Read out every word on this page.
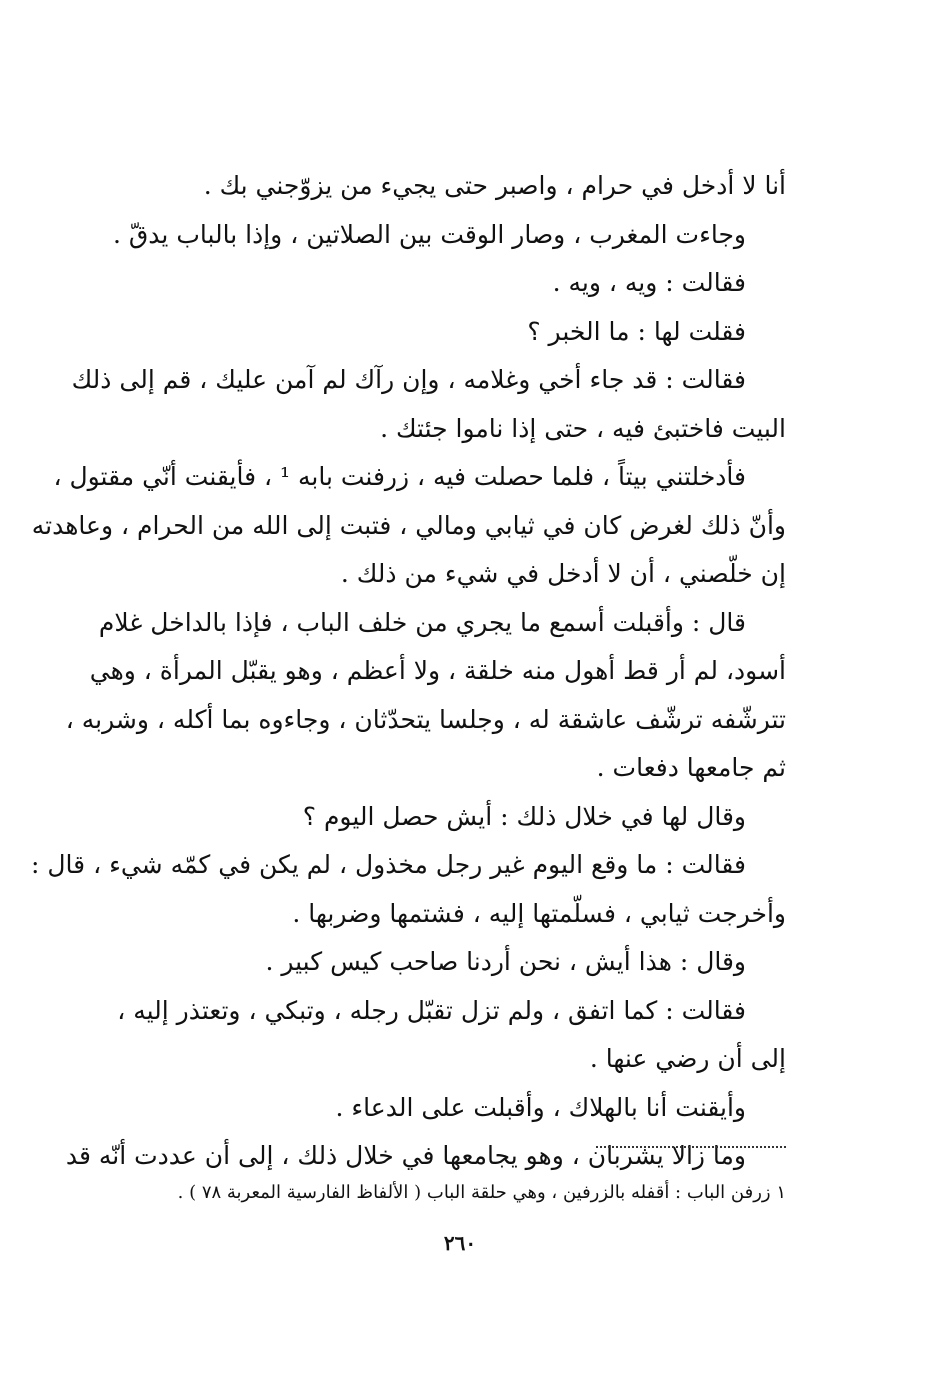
أنا لا أدخل في حرام ، واصبر حتى يجيء من يزوّجني بك .
وجاءت المغرب ، وصار الوقت بين الصلاتين ، وإذا بالباب يدقّ .
فقالت : ويه ، ويه .
فقلت لها : ما الخبر ؟
فقالت : قد جاء أخي وغلامه ، وإن رآك لم آمن عليك ، قم إلى ذلك
البيت فاختبئ فيه ، حتى إذا ناموا جئتك .
فأدخلتني بيتاً ، فلما حصلت فيه ، زرفنت بابه ¹ ، فأيقنت أنّي مقتول ،
وأنّ ذلك لغرض كان في ثيابي ومالي ، فتبت إلى الله من الحرام ، وعاهدته
إن خلّصني ، أن لا أدخل في شيء من ذلك .
قال : وأقبلت أسمع ما يجري من خلف الباب ، فإذا بالداخل غلام
أسود، لم أر قط أهول منه خلقة ، ولا أعظم ، وهو يقبّل المرأة ، وهي
تترشّفه ترشّف عاشقة له ، وجلسا يتحدّثان ، وجاءوه بما أكله ، وشربه ،
ثم جامعها دفعات .
وقال لها في خلال ذلك : أيش حصل اليوم ؟
فقالت : ما وقع اليوم غير رجل مخذول ، لم يكن في كمّه شيء ، قال :
وأخرجت ثيابي ، فسلّمتها إليه ، فشتمها وضربها .
وقال : هذا أيش ، نحن أردنا صاحب كيس كبير .
فقالت : كما اتفق ، ولم تزل تقبّل رجله ، وتبكي ، وتعتذر إليه ،
إلى أن رضي عنها .
وأيقنت أنا بالهلاك ، وأقبلت على الدعاء .
وما زالا يشربان ، وهو يجامعها في خلال ذلك ، إلى أن عددت أنّه قد
١ زرفن الباب : أقفله بالزرفين ، وهي حلقة الباب ( الألفاظ الفارسية المعربة ٧٨ ) .
٢٦٠
